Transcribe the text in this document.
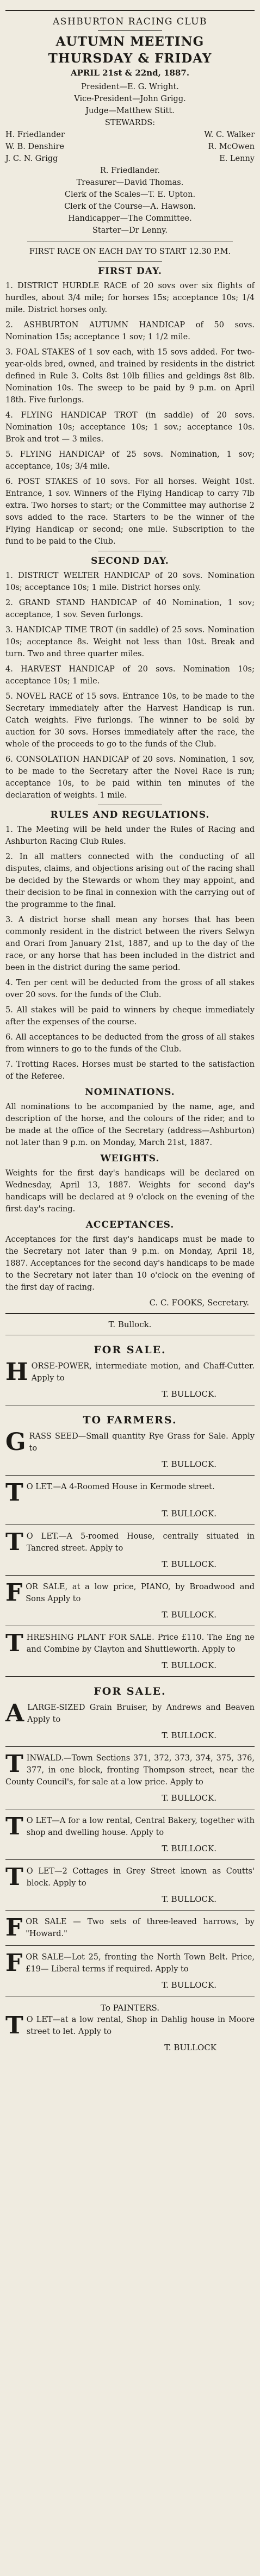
ASHBURTON RACING CLUB
AUTUMN MEETING
THURSDAY & FRIDAY
APRIL 21st & 22nd, 1887.

President—E. G. Wright.

Vice-President—John Grigg.

Judge—Matthew Stitt.

STEWARDS:

H. Friedlander	W. C. Walker
W. B. Denshire	R. McOwen
J. C. N. Grigg	E. Lenny

R. Friedlander.

Treasurer—David Thomas.

Clerk of the Scales—T. E. Upton.

Clerk of the Course—A. Hawson.

Handicapper—The Committee.

Starter—Dr Lenny.

FIRST RACE ON EACH DAY TO START 12.30 P.M.

FIRST DAY.

1. DISTRICT HURDLE RACE of 20 sovs over six flights of hurdles, about 3/4 mile; for horses 15s; acceptance 10s; 1/4 mile. District horses only.

2. ASHBURTON AUTUMN HANDICAP of 50 sovs. Nomination 15s; acceptance 1 sov; 1 1/2 mile.

3. FOAL STAKES of 1 sov each, with 15 sovs added. For two-year-olds bred, owned, and trained by residents in the district defined in Rule 3. Colts 8st 10lb fillies and geldings 8st 8lb. Nomination 10s. The sweep to be paid by 9 p.m. on April 18th. Five furlongs.

4. FLYING HANDICAP TROT (in saddle) of 20 sovs. Nomination 10s; acceptance 10s; 1 sov.; acceptance 10s. Brok and trot — 3 miles.

5. FLYING HANDICAP of 25 sovs. Nomination, 1 sov; acceptance, 10s; 3/4 mile.

6. POST STAKES of 10 sovs. For all horses. Weight 10st. Entrance, 1 sov. Winners of the Flying Handicap to carry 7lb extra. Two horses to start; or the Committee may authorise 2 sovs added to the race. Starters to be the winner of the Flying Handicap or second; one mile. Subscription to the fund to be paid to the Club.

SECOND DAY.

1. DISTRICT WELTER HANDICAP of 20 sovs. Nomination 10s; acceptance 10s; 1 mile. District horses only.

2. GRAND STAND HANDICAP of 40 Nomination, 1 sov; acceptance, 1 sov. Seven furlongs.

3. HANDICAP TIME TROT (in saddle) of 25 sovs. Nomination 10s; acceptance 8s. Weight not less than 10st. Break and turn. Two and three quarter miles.

4. HARVEST HANDICAP of 20 sovs. Nomination 10s; acceptance 10s; 1 mile.

5. NOVEL RACE of 15 sovs. Entrance 10s, to be made to the Secretary immediately after the Harvest Handicap is run. Catch weights. Five furlongs. The winner to be sold by auction for 30 sovs. Horses immediately after the race, the whole of the proceeds to go to the funds of the Club.

6. CONSOLATION HANDICAP of 20 sovs. Nomination, 1 sov, to be made to the Secretary after the Novel Race is run; acceptance 10s, to be paid within ten minutes of the declaration of weights. 1 mile.

RULES AND REGULATIONS.

1. The Meeting will be held under the Rules of Racing and Ashburton Racing Club Rules.

2. In all matters connected with the conducting of all disputes, claims, and objections arising out of the racing shall be decided by the Stewards or whom they may appoint, and their decision to be final in connexion with the carrying out of the programme to the final.

3. A district horse shall mean any horses that has been commonly resident in the district between the rivers Selwyn and Orari from January 21st, 1887, and up to the day of the race, or any horse that has been included in the district and been in the district during the same period.

4. Ten per cent will be deducted from the gross of all stakes over 20 sovs. for the funds of the Club.

5. All stakes will be paid to winners by cheque immediately after the expenses of the course.

6. All acceptances to be deducted from the gross of all stakes from winners to go to the funds of the Club.

7. Trotting Races. Horses must be started to the satisfaction of the Referee.

NOMINATIONS.

All nominations to be accompanied by the name, age, and description of the horse, and the colours of the rider, and to be made at the office of the Secretary (address—Ashburton) not later than 9 p.m. on Monday, March 21st, 1887.

WEIGHTS.

Weights for the first day's handicaps will be declared on Wednesday, April 13, 1887. Weights for second day's handicaps will be declared at 9 o'clock on the evening of the first day's racing.

ACCEPTANCES.

Acceptances for the first day's handicaps must be made to the Secretary not later than 9 p.m. on Monday, April 18, 1887. Acceptances for the second day's handicaps to be made to the Secretary not later than 10 o'clock on the evening of the first day of racing.

C. C. FOOKS, Secretary.
T. Bullock.
FOR SALE.
H ORSE-POWER, intermediate motion, and Chaff-Cutter. Apply to

T. BULLOCK.
TO FARMERS.
G RASS SEED—Small quantity Rye Grass for Sale. Apply to

T. BULLOCK.
T O LET.—A 4-Roomed House in Kermode street.

T. BULLOCK.
T O LET.—A 5-roomed House, centrally situated in Tancred street. Apply to

T. BULLOCK.
F OR SALE, at a low price, PIANO, by Broadwood and Sons Apply to

T. BULLOCK.
T HRESHING PLANT FOR SALE. Price £110. The Eng ne and Combine by Clayton and Shuttleworth. Apply to

T. BULLOCK.
FOR SALE.
A LARGE-SIZED Grain Bruiser, by Andrews and Beaven Apply to

T. BULLOCK.
T INWALD.—Town Sections 371, 372, 373, 374, 375, 376, 377, in one block, fronting Thompson street, near the County Council's, for sale at a low price. Apply to

T. BULLOCK.
T O LET—A for a low rental, Central Bakery, together with shop and dwelling house. Apply to

T. BULLOCK.
T O LET—2 Cottages in Grey Street known as Coutts' block. Apply to

T. BULLOCK.
F OR SALE — Two sets of three-leaved harrows, by "Howard."

F OR SALE—Lot 25, fronting the North Town Belt. Price, £19— Liberal terms if required. Apply to

T. BULLOCK.
To PAINTERS.
T O LET—at a low rental, Shop in Dahlig house in Moore street to let. Apply to

T. BULLOCK
